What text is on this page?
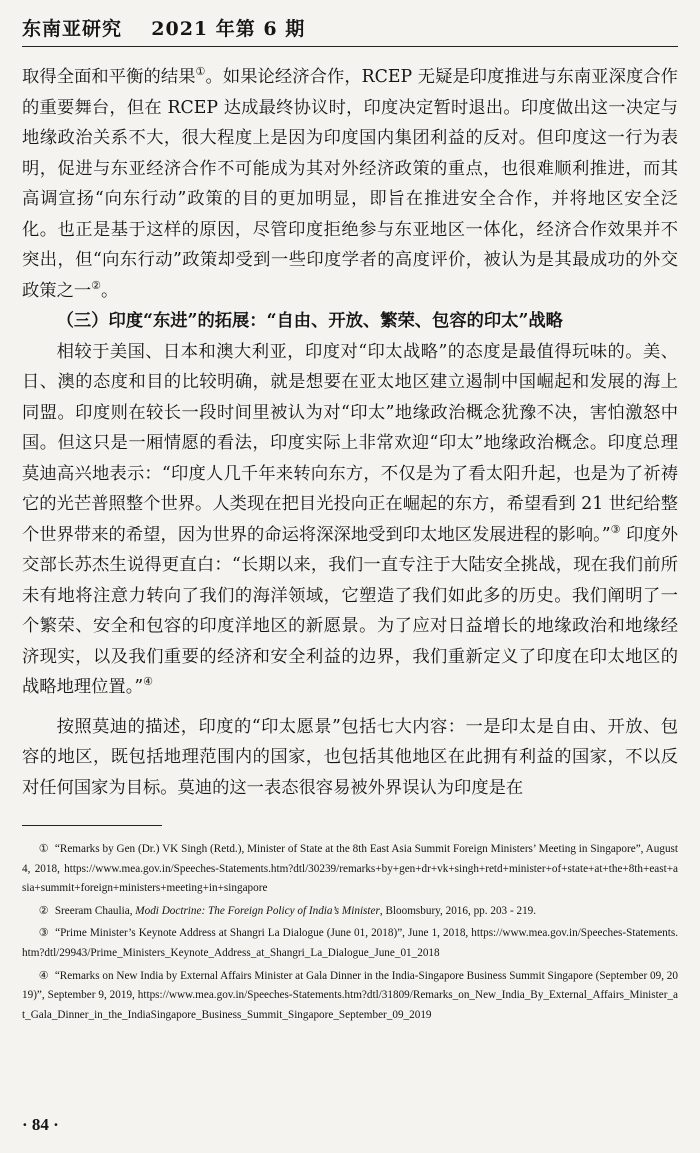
东南亚研究 2021 年第 6 期

取得全面和平衡的结果①。如果论经济合作，RCEP 无疑是印度推进与东南亚深度合作的重要舞台，但在 RCEP 达成最终协议时，印度决定暂时退出。印度做出这一决定与地缘政治关系不大，很大程度上是因为印度国内集团利益的反对。但印度这一行为表明，促进与东亚经济合作不可能成为其对外经济政策的重点，也很难顺利推进，而其高调宣扬“向东行动”政策的目的更加明显，即旨在推进安全合作，并将地区安全泛化。也正是基于这样的原因，尽管印度拒绝参与东亚地区一体化，经济合作效果并不突出，但“向东行动”政策却受到一些印度学者的高度评价，被认为是其最成功的外交政策之一②。

（三）印度“东进”的拓展：“自由、开放、繁荣、包容的印太”战略

相较于美国、日本和澳大利亚，印度对“印太战略”的态度是最值得玩味的。美、日、澳的态度和目的比较明确，就是想要在亚太地区建立遏制中国崛起和发展的海上同盟。印度则在较长一段时间里被认为对“印太”地缘政治概念犹豫不决，害怕激怒中国。但这只是一厢情愿的看法，印度实际上非常欢迎“印太”地缘政治概念。印度总理莫迪高兴地表示：“印度人几千年来转向东方，不仅是为了看太阳升起，也是为了祈祷它的光芒普照整个世界。人类现在把目光投向正在崛起的东方，希望看到 21 世纪给整个世界带来的希望，因为世界的命运将深深地受到印太地区发展进程的影响。”③ 印度外交部长苏杰生说得更直白：“长期以来，我们一直专注于大陆安全挑战，现在我们前所未有地将注意力转向了我们的海洋领域，它塑造了我们如此多的历史。我们阐明了一个繁荣、安全和包容的印度洋地区的新愿景。为了应对日益增长的地缘政治和地缘经济现实，以及我们重要的经济和安全利益的边界，我们重新定义了印度在印太地区的战略地理位置。”④

按照莫迪的描述，印度的“印太愿景”包括七大内容：一是印太是自由、开放、包容的地区，既包括地理范围内的国家，也包括其他地区在此拥有利益的国家，不以反对任何国家为目标。莫迪的这一表态很容易被外界误认为印度是在

① “Remarks by Gen (Dr.) VK Singh (Retd.), Minister of State at the 8th East Asia Summit Foreign Ministers’ Meeting in Singapore”, August 4, 2018, https://www.mea.gov.in/Speeches-Statements.htm?dtl/30239/remarks+by+gen+dr+vk+singh+retd+minister+of+state+at+the+8th+east+asia+summit+foreign+ministers+meeting+in+singapore

② Sreeram Chaulia, Modi Doctrine: The Foreign Policy of India’s Minister, Bloomsbury, 2016, pp. 203 - 219.

③ “Prime Minister’s Keynote Address at Shangri La Dialogue (June 01, 2018)”, June 1, 2018, https://www.mea.gov.in/Speeches-Statements.htm?dtl/29943/Prime_Ministers_Keynote_Address_at_Shangri_La_Dialogue_June_01_2018

④ “Remarks on New India by External Affairs Minister at Gala Dinner in the India-Singapore Business Summit Singapore (September 09, 2019)”, September 9, 2019, https://www.mea.gov.in/Speeches-Statements.htm?dtl/31809/Remarks_on_New_India_By_External_Affairs_Minister_at_Gala_Dinner_in_the_IndiaSingapore_Business_Summit_Singapore_September_09_2019

· 84 ·
